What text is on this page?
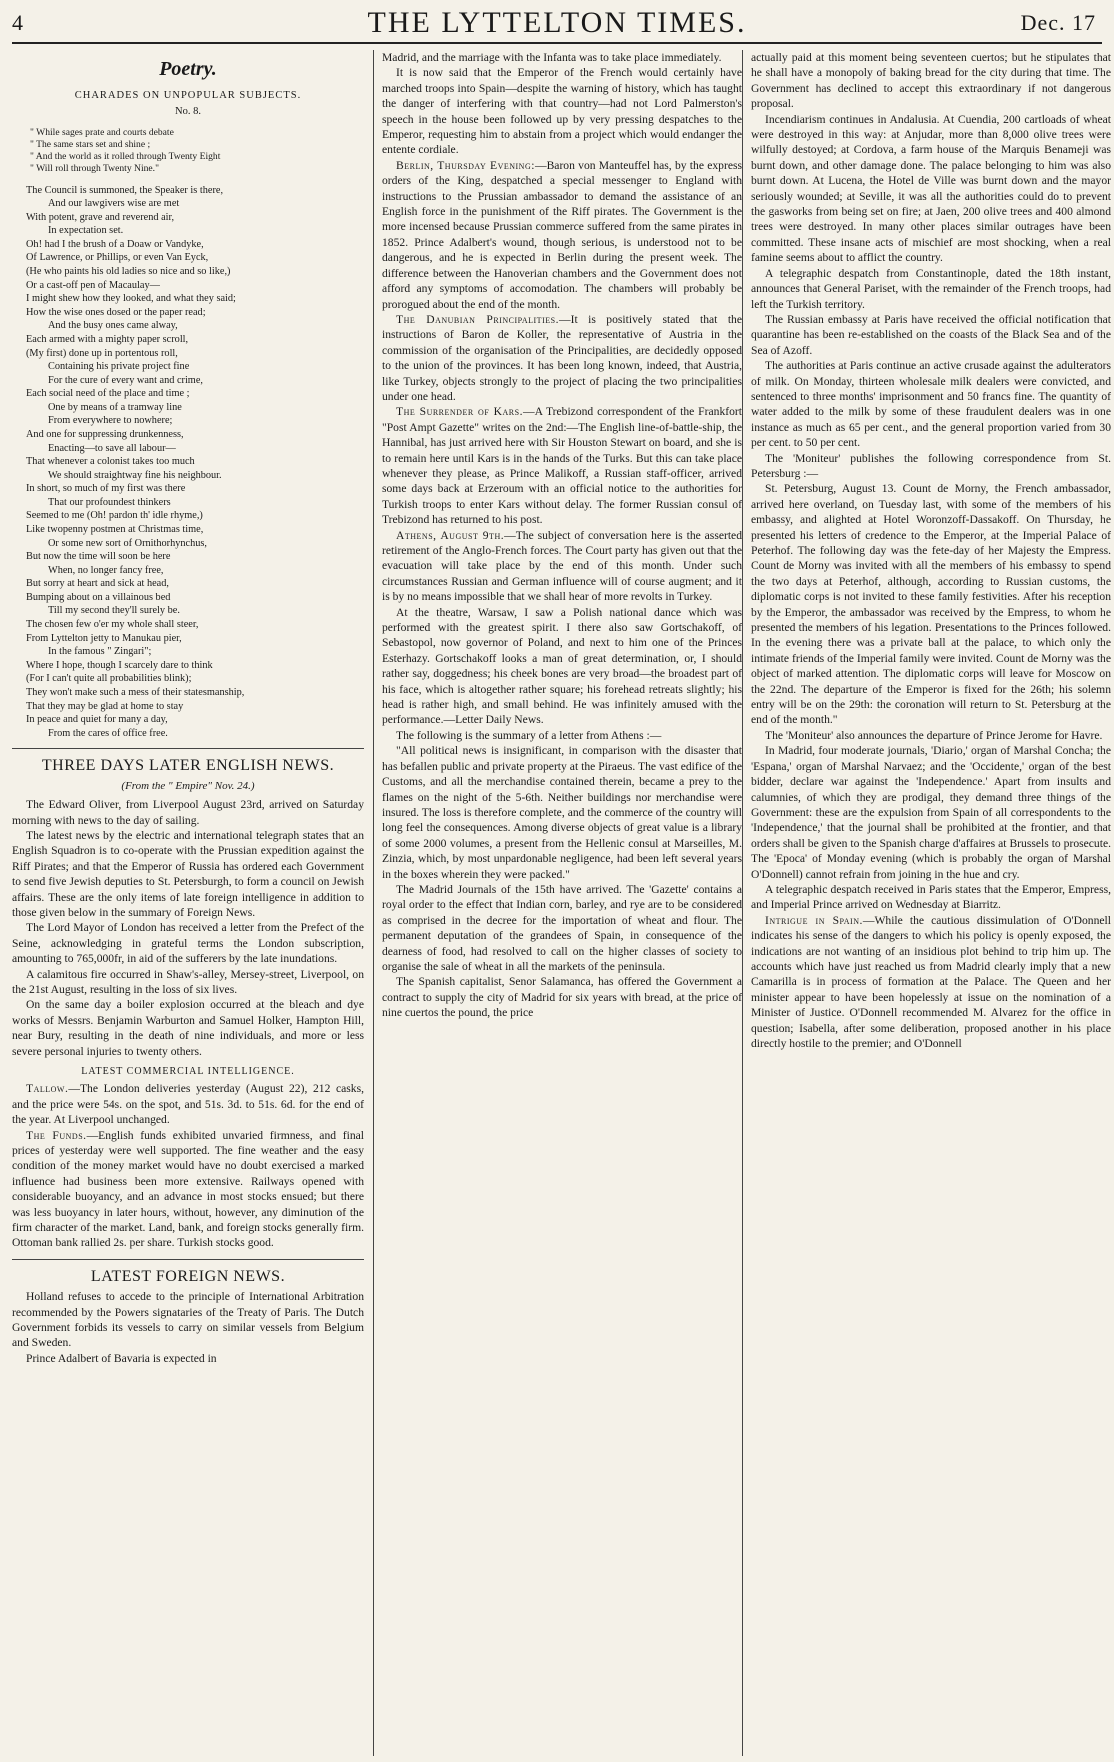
4	THE LYTTELTON TIMES.	Dec. 17
Poetry.
CHARADES ON UNPOPULAR SUBJECTS.
No. 8.
" While sages prate and courts debate
" The same stars set and shine ;
" And the world as it rolled through Twenty Eight
" Will roll through Twenty Nine."
The Council is summoned, the Speaker is there,
And our lawgivers wise are met
With potent, grave and reverend air,
In expectation set.
Oh! had I the brush of a Doaw or Vandyke,
Of Lawrence, or Phillips, or even Van Eyck,
(He who paints his old ladies so nice and so like,)
Or a cast-off pen of Macaulay—
I might shew how they looked, and what they said;
How the wise ones dosed or the paper read;
And the busy ones came alway,
Each armed with a mighty paper scroll,
(My first) done up in portentous roll,
Containing his private project fine
For the cure of every want and crime,
Each social need of the place and time ;
One by means of a tramway line
From everywhere to nowhere;
And one for suppressing drunkenness,
Enacting—to save all labour—
That whenever a colonist takes too much
We should straightway fine his neighbour.
In short, so much of my first was there
That our profoundest thinkers
Seemed to me (Oh! pardon th' idle rhyme,)
Like twopenny postmen at Christmas time,
Or some new sort of Ornithorhynchus,
But now the time will soon be here
When, no longer fancy free,
But sorry at heart and sick at head,
Bumping about on a villainous bed
Till my second they'll surely be.
The chosen few o'er my whole shall steer,
From Lyttelton jetty to Manukau pier,
In the famous " Zingari";
Where I hope, though I scarcely dare to think
(For I can't quite all probabilities blink);
They won't make such a mess of their statesmanship,
That they may be glad at home to stay
In peace and quiet for many a day,
From the cares of office free.
THREE DAYS LATER ENGLISH NEWS.
(From the " Empire" Nov. 24.)

The Edward Oliver, from Liverpool August 23rd, arrived on Saturday morning with news to the day of sailing.

The latest news by the electric and international telegraph states that an English Squadron is to co-operate with the Prussian expedition against the Riff Pirates; and that the Emperor of Russia has ordered each Government to send five Jewish deputies to St. Petersburgh, to form a council on Jewish affairs. These are the only items of late foreign intelligence in addition to those given below in the summary of Foreign News.

The Lord Mayor of London has received a letter from the Prefect of the Seine, acknowledging in grateful terms the London subscription, amounting to 765,000fr, in aid of the sufferers by the late inundations.

A calamitous fire occurred in Shaw's-alley, Mersey-street, Liverpool, on the 21st August, resulting in the loss of six lives.

On the same day a boiler explosion occurred at the bleach and dye works of Messrs. Benjamin Warburton and Samuel Holker, Hampton Hill, near Bury, resulting in the death of nine individuals, and more or less severe personal injuries to twenty others.

LATEST COMMERCIAL INTELLIGENCE.

Tallow.—The London deliveries yesterday (August 22), 212 casks, and the price were 54s. on the spot, and 51s. 3d. to 51s. 6d. for the end of the year. At Liverpool unchanged.

The Funds.—English funds exhibited unvaried firmness, and final prices of yesterday were well supported. The fine weather and the easy condition of the money market would have no doubt exercised a marked influence had business been more extensive. Railways opened with considerable buoyancy, and an advance in most stocks ensued; but there was less buoyancy in later hours, without, however, any diminution of the firm character of the market. Land, bank, and foreign stocks generally firm. Ottoman bank rallied 2s. per share. Turkish stocks good.

LATEST FOREIGN NEWS.

Holland refuses to accede to the principle of International Arbitration recommended by the Powers signataries of the Treaty of Paris. The Dutch Government forbids its vessels to carry on similar vessels from Belgium and Sweden.

Prince Adalbert of Bavaria is expected in

Madrid, and the marriage with the Infanta was to take place immediately.

It is now said that the Emperor of the French would certainly have marched troops into Spain—despite the warning of history, which has taught the danger of interfering with that country—had not Lord Palmerston's speech in the house been followed up by very pressing despatches to the Emperor, requesting him to abstain from a project which would endanger the entente cordiale.

Berlin, Thursday Evening:—Baron von Manteuffel has, by the express orders of the King, despatched a special messenger to England with instructions to the Prussian ambassador to demand the assistance of an English force in the punishment of the Riff pirates. The Government is the more incensed because Prussian commerce suffered from the same pirates in 1852. Prince Adalbert's wound, though serious, is understood not to be dangerous, and he is expected in Berlin during the present week. The difference between the Hanoverian chambers and the Government does not afford any symptoms of accomodation. The chambers will probably be prorogued about the end of the month.

The Danubian Principalities.—It is positively stated that the instructions of Baron de Koller, the representative of Austria in the commission of the organisation of the Principalities, are decidedly opposed to the union of the provinces. It has been long known, indeed, that Austria, like Turkey, objects strongly to the project of placing the two principalities under one head.

The Surrender of Kars.—A Trebizond correspondent of the Frankfort "Post Ampt Gazette" writes on the 2nd:—The English line-of-battle-ship, the Hannibal, has just arrived here with Sir Houston Stewart on board, and she is to remain here until Kars is in the hands of the Turks. But this can take place whenever they please, as Prince Malikoff, a Russian staff-officer, arrived some days back at Erzeroum with an official notice to the authorities for Turkish troops to enter Kars without delay. The former Russian consul of Trebizond has returned to his post.

Athens, August 9th.—The subject of conversation here is the asserted retirement of the Anglo-French forces. The Court party has given out that the evacuation will take place by the end of this month. Under such circumstances Russian and German influence will of course augment; and it is by no means impossible that we shall hear of more revolts in Turkey.

At the theatre, Warsaw, I saw a Polish national dance which was performed with the greatest spirit. I there also saw Gortschakoff, of Sebastopol, now governor of Poland, and next to him one of the Princes Esterhazy. Gortschakoff looks a man of great determination, or, I should rather say, doggedness; his cheek bones are very broad—the broadest part of his face, which is altogether rather square; his forehead retreats slightly; his head is rather high, and small behind. He was infinitely amused with the performance.—Letter Daily News.

The following is the summary of a letter from Athens :—

"All political news is insignificant, in comparison with the disaster that has befallen public and private property at the Piraeus. The vast edifice of the Customs, and all the merchandise contained therein, became a prey to the flames on the night of the 5-6th. Neither buildings nor merchandise were insured. The loss is therefore complete, and the commerce of the country will long feel the consequences. Among diverse objects of great value is a library of some 2000 volumes, a present from the Hellenic consul at Marseilles, M. Zinzia, which, by most unpardonable negligence, had been left several years in the boxes wherein they were packed."

The Madrid Journals of the 15th have arrived. The 'Gazette' contains a royal order to the effect that Indian corn, barley, and rye are to be considered as comprised in the decree for the importation of wheat and flour. The permanent deputation of the grandees of Spain, in consequence of the dearness of food, had resolved to call on the higher classes of society to organise the sale of wheat in all the markets of the peninsula.

The Spanish capitalist, Senor Salamanca, has offered the Government a contract to supply the city of Madrid for six years with bread, at the price of nine cuertos the pound, the price

actually paid at this moment being seventeen cuertos; but he stipulates that he shall have a monopoly of baking bread for the city during that time. The Government has declined to accept this extraordinary if not dangerous proposal.

Incendiarism continues in Andalusia. At Cuendia, 200 cartloads of wheat were destroyed in this way: at Anjudar, more than 8,000 olive trees were wilfully destoyed; at Cordova, a farm house of the Marquis Benameji was burnt down, and other damage done. The palace belonging to him was also burnt down. At Lucena, the Hotel de Ville was burnt down and the mayor seriously wounded; at Seville, it was all the authorities could do to prevent the gasworks from being set on fire; at Jaen, 200 olive trees and 400 almond trees were destroyed. In many other places similar outrages have been committed. These insane acts of mischief are most shocking, when a real famine seems about to afflict the country.

A telegraphic despatch from Constantinople, dated the 18th instant, announces that General Pariset, with the remainder of the French troops, had left the Turkish territory.

The Russian embassy at Paris have received the official notification that quarantine has been re-established on the coasts of the Black Sea and of the Sea of Azoff.

The authorities at Paris continue an active crusade against the adulterators of milk. On Monday, thirteen wholesale milk dealers were convicted, and sentenced to three months' imprisonment and 50 francs fine. The quantity of water added to the milk by some of these fraudulent dealers was in one instance as much as 65 per cent., and the general proportion varied from 30 per cent. to 50 per cent.

The 'Moniteur' publishes the following correspondence from St. Petersburg :—

St. Petersburg, August 13. Count de Morny, the French ambassador, arrived here overland, on Tuesday last, with some of the members of his embassy, and alighted at Hotel Woronzoff-Dassakoff. On Thursday, he presented his letters of credence to the Emperor, at the Imperial Palace of Peterhof. The following day was the fete-day of her Majesty the Empress. Count de Morny was invited with all the members of his embassy to spend the two days at Peterhof, although, according to Russian customs, the diplomatic corps is not invited to these family festivities. After his reception by the Emperor, the ambassador was received by the Empress, to whom he presented the members of his legation. Presentations to the Princes followed. In the evening there was a private ball at the palace, to which only the intimate friends of the Imperial family were invited. Count de Morny was the object of marked attention. The diplomatic corps will leave for Moscow on the 22nd. The departure of the Emperor is fixed for the 26th; his solemn entry will be on the 29th: the coronation will return to St. Petersburg at the end of the month."

The 'Moniteur' also announces the departure of Prince Jerome for Havre.

In Madrid, four moderate journals, 'Diario,' organ of Marshal Concha; the 'Espana,' organ of Marshal Narvaez; and the 'Occidente,' organ of the best bidder, declare war against the 'Independence.' Apart from insults and calumnies, of which they are prodigal, they demand three things of the Government: these are the expulsion from Spain of all correspondents to the 'Independence,' that the journal shall be prohibited at the frontier, and that orders shall be given to the Spanish charge d'affaires at Brussels to prosecute. The 'Epoca' of Monday evening (which is probably the organ of Marshal O'Donnell) cannot refrain from joining in the hue and cry.

A telegraphic despatch received in Paris states that the Emperor, Empress, and Imperial Prince arrived on Wednesday at Biarritz.

Intrigue in Spain.—While the cautious dissimulation of O'Donnell indicates his sense of the dangers to which his policy is openly exposed, the indications are not wanting of an insidious plot behind to trip him up. The accounts which have just reached us from Madrid clearly imply that a new Camarilla is in process of formation at the Palace. The Queen and her minister appear to have been hopelessly at issue on the nomination of a Minister of Justice. O'Donnell recommended M. Alvarez for the office in question; Isabella, after some deliberation, proposed another in his place directly hostile to the premier; and O'Donnell
